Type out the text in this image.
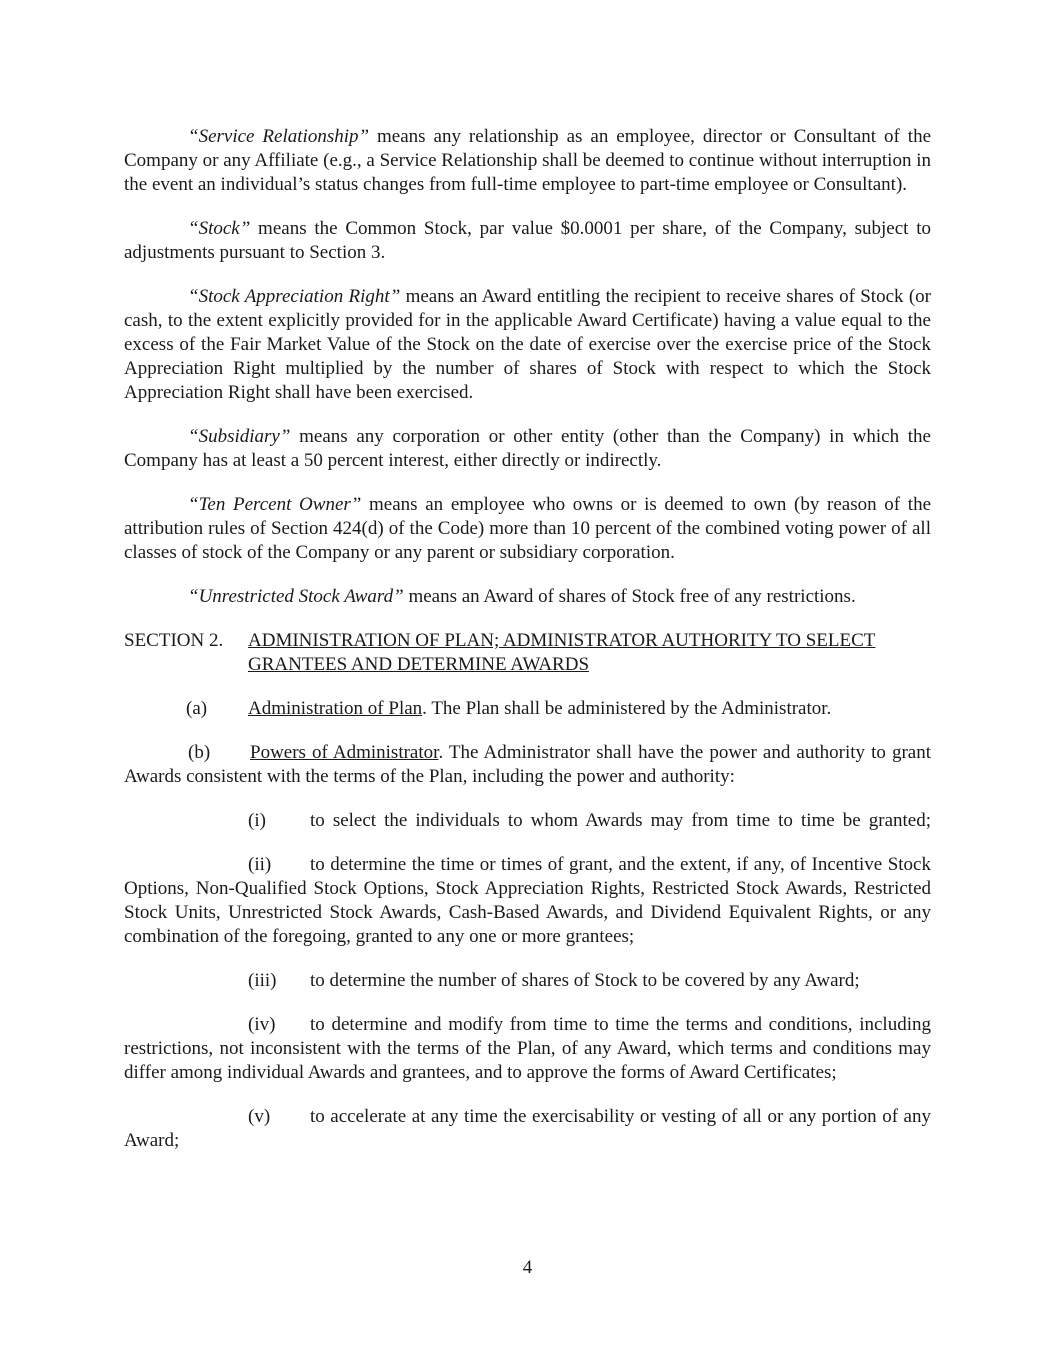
“Service Relationship” means any relationship as an employee, director or Consultant of the Company or any Affiliate (e.g., a Service Relationship shall be deemed to continue without interruption in the event an individual’s status changes from full-time employee to part-time employee or Consultant).

“Stock” means the Common Stock, par value $0.0001 per share, of the Company, subject to adjustments pursuant to Section 3.

“Stock Appreciation Right” means an Award entitling the recipient to receive shares of Stock (or cash, to the extent explicitly provided for in the applicable Award Certificate) having a value equal to the excess of the Fair Market Value of the Stock on the date of exercise over the exercise price of the Stock Appreciation Right multiplied by the number of shares of Stock with respect to which the Stock Appreciation Right shall have been exercised.

“Subsidiary” means any corporation or other entity (other than the Company) in which the Company has at least a 50 percent interest, either directly or indirectly.

“Ten Percent Owner” means an employee who owns or is deemed to own (by reason of the attribution rules of Section 424(d) of the Code) more than 10 percent of the combined voting power of all classes of stock of the Company or any parent or subsidiary corporation.

“Unrestricted Stock Award” means an Award of shares of Stock free of any restrictions.

SECTION 2. ADMINISTRATION OF PLAN; ADMINISTRATOR AUTHORITY TO SELECT GRANTEES AND DETERMINE AWARDS
(a) Administration of Plan. The Plan shall be administered by the Administrator.

(b) Powers of Administrator. The Administrator shall have the power and authority to grant Awards consistent with the terms of the Plan, including the power and authority:

(i) to select the individuals to whom Awards may from time to time be granted;

(ii) to determine the time or times of grant, and the extent, if any, of Incentive Stock Options, Non-Qualified Stock Options, Stock Appreciation Rights, Restricted Stock Awards, Restricted Stock Units, Unrestricted Stock Awards, Cash-Based Awards, and Dividend Equivalent Rights, or any combination of the foregoing, granted to any one or more grantees;

(iii) to determine the number of shares of Stock to be covered by any Award;

(iv) to determine and modify from time to time the terms and conditions, including restrictions, not inconsistent with the terms of the Plan, of any Award, which terms and conditions may differ among individual Awards and grantees, and to approve the forms of Award Certificates;

(v) to accelerate at any time the exercisability or vesting of all or any portion of any Award;

4
